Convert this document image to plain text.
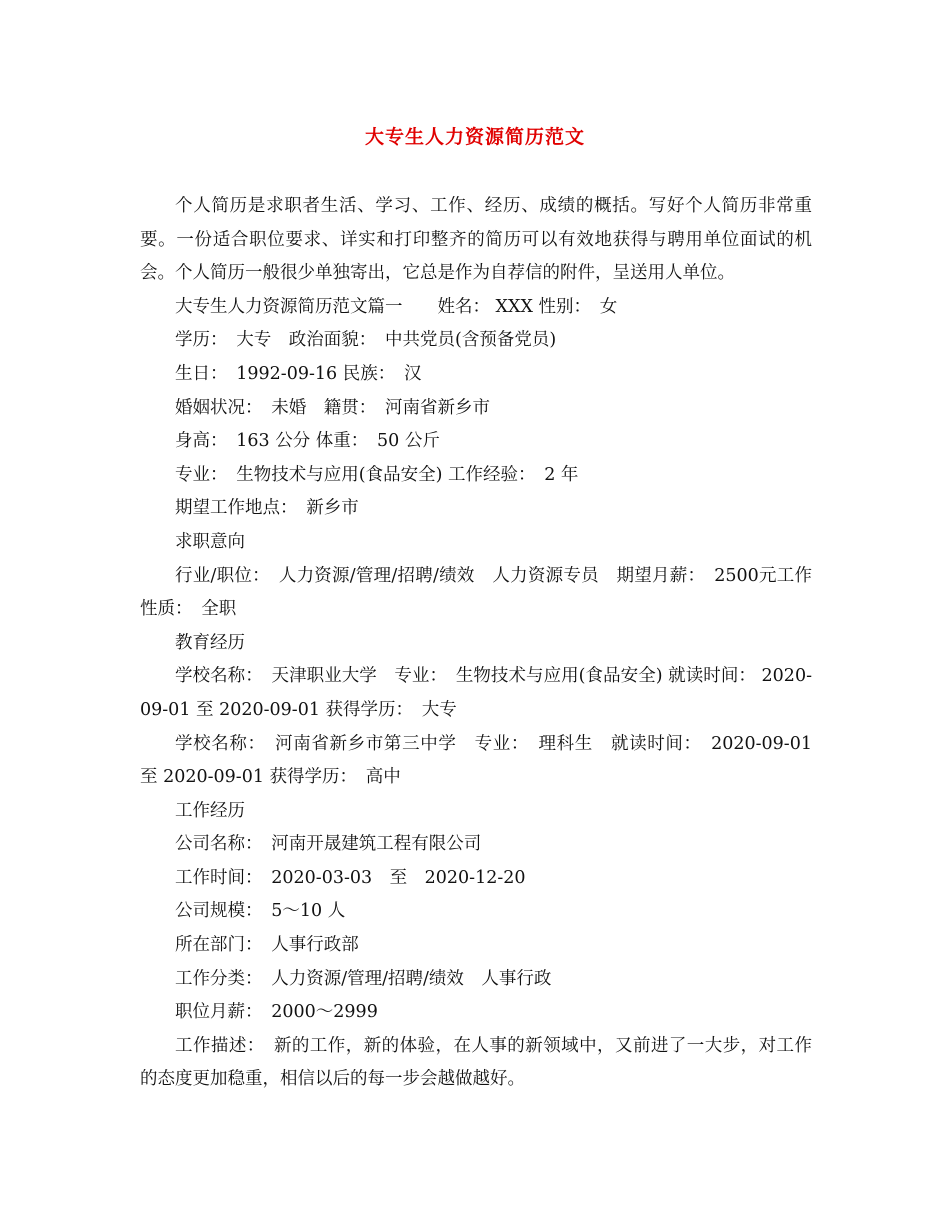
大专生人力资源简历范文

个人简历是求职者生活、学习、工作、经历、成绩的概括。写好个人简历非常重要。一份适合职位要求、详实和打印整齐的简历可以有效地获得与聘用单位面试的机会。个人简历一般很少单独寄出，它总是作为自荐信的附件，呈送用人单位。

大专生人力资源简历范文篇一　　姓名： XXX 性别：　女

学历：　大专　政治面貌：　中共党员(含预备党员)

生日：　1992-09-16 民族：　汉

婚姻状况：　未婚　籍贯：　河南省新乡市

身高：　163 公分 体重：　50 公斤

专业：　生物技术与应用(食品安全) 工作经验：　2 年

期望工作地点：　新乡市

求职意向

行业/职位：　人力资源/管理/招聘/绩效　人力资源专员　期望月薪：　2500元工作性质：　全职

教育经历

学校名称：　天津职业大学　专业：　生物技术与应用(食品安全) 就读时间： 2020-09-01 至 2020-09-01 获得学历：　大专

学校名称：　河南省新乡市第三中学　专业：　理科生　就读时间：　2020-09-01 至 2020-09-01 获得学历：　高中

工作经历

公司名称：　河南开晟建筑工程有限公司

工作时间：　2020-03-03　至　2020-12-20

公司规模：　5～10 人

所在部门：　人事行政部

工作分类：　人力资源/管理/招聘/绩效　人事行政

职位月薪：　2000～2999

工作描述：　新的工作，新的体验，在人事的新领域中，又前进了一大步，对工作的态度更加稳重，相信以后的每一步会越做越好。
